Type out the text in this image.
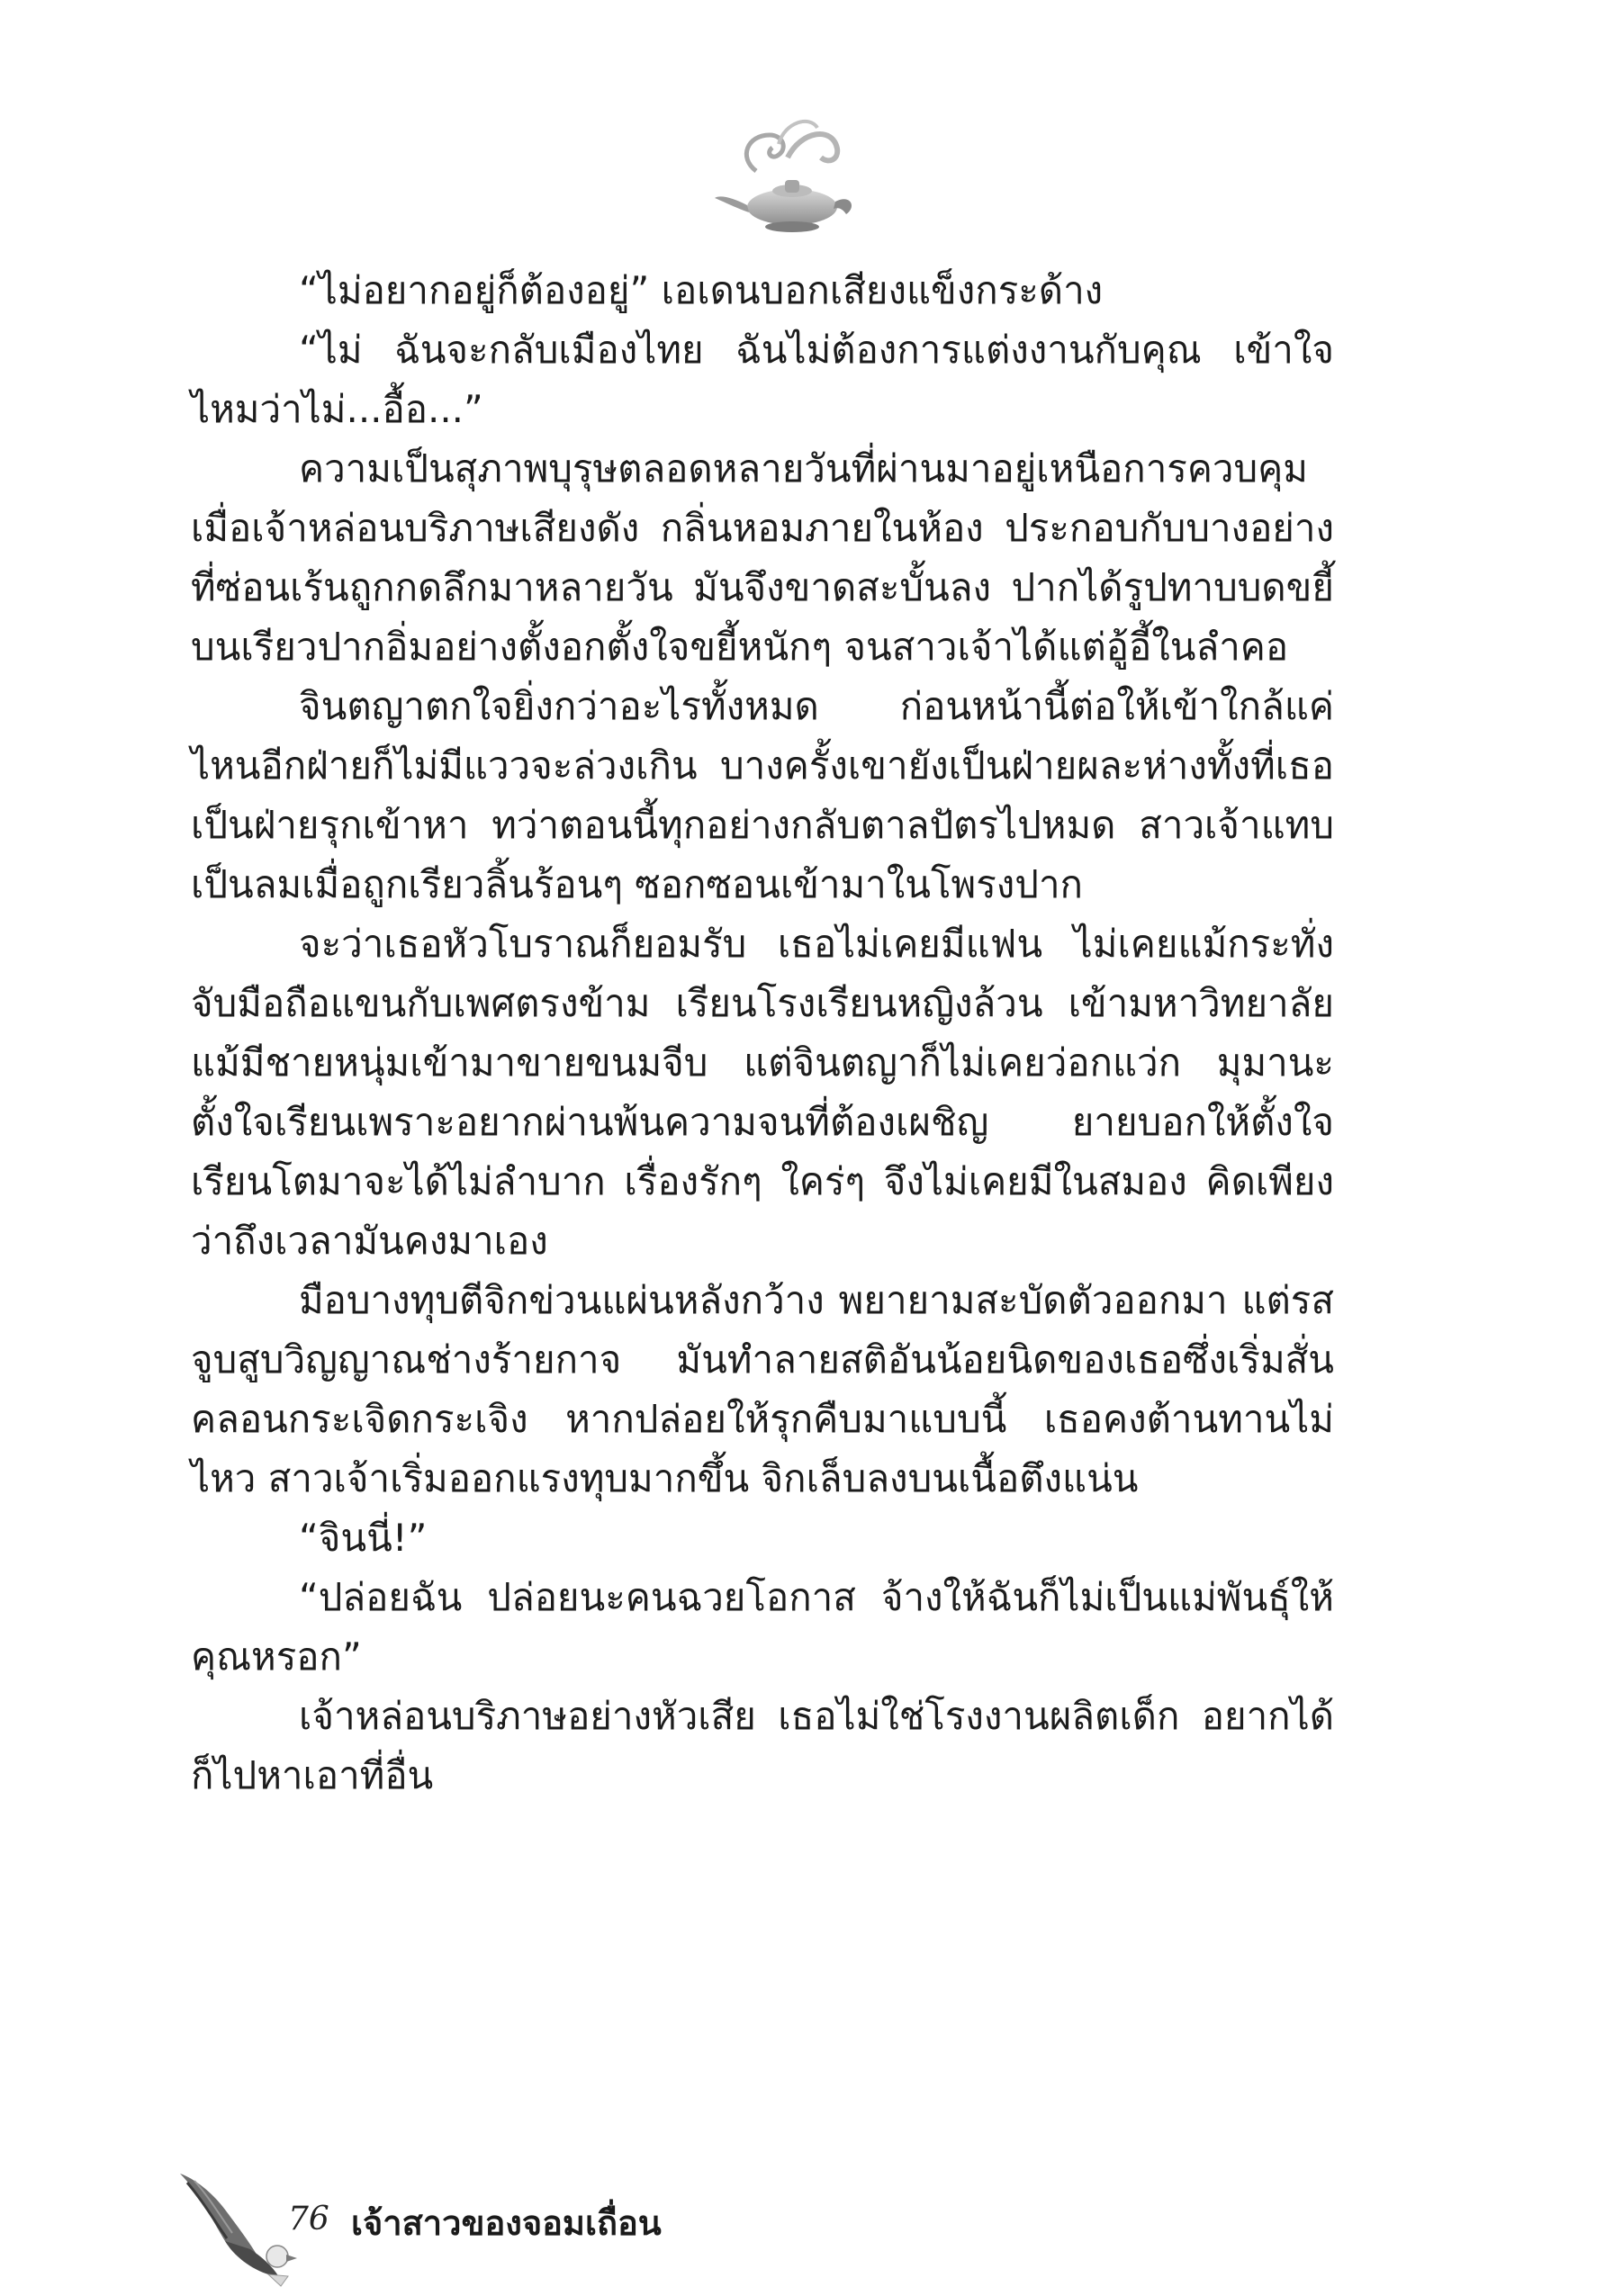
“ไม่อยากอยู่ก็ต้องอยู่” เอเดนบอกเสียงแข็งกระด้าง

“ไม่ ฉันจะกลับเมืองไทย ฉันไม่ต้องการแต่งงานกับคุณ เข้าใจไหมว่าไม่...อื้อ...”

ความเป็นสุภาพบุรุษตลอดหลายวันที่ผ่านมาอยู่เหนือการควบคุม เมื่อเจ้าหล่อนบริภาษเสียงดัง กลิ่นหอมภายในห้อง ประกอบกับบางอย่างที่ซ่อนเร้นถูกกดลึกมาหลายวัน มันจึงขาดสะบั้นลง ปากได้รูปทาบบดขยี้บนเรียวปากอิ่มอย่างตั้งอกตั้งใจขยี้หนักๆ จนสาวเจ้าได้แต่อู้อี้ในลำคอ

จินตญาตกใจยิ่งกว่าอะไรทั้งหมด ก่อนหน้านี้ต่อให้เข้าใกล้แค่ไหนอีกฝ่ายก็ไม่มีแววจะล่วงเกิน บางครั้งเขายังเป็นฝ่ายผละห่างทั้งที่เธอเป็นฝ่ายรุกเข้าหา ทว่าตอนนี้ทุกอย่างกลับตาลปัตรไปหมด สาวเจ้าแทบเป็นลมเมื่อถูกเรียวลิ้นร้อนๆ ซอกซอนเข้ามาในโพรงปาก

จะว่าเธอหัวโบราณก็ยอมรับ เธอไม่เคยมีแฟน ไม่เคยแม้กระทั่งจับมือถือแขนกับเพศตรงข้าม เรียนโรงเรียนหญิงล้วน เข้ามหาวิทยาลัยแม้มีชายหนุ่มเข้ามาขายขนมจีบ แต่จินตญาก็ไม่เคยว่อกแว่ก มุมานะตั้งใจเรียนเพราะอยากผ่านพ้นความจนที่ต้องเผชิญ ยายบอกให้ตั้งใจเรียนโตมาจะได้ไม่ลำบาก เรื่องรักๆ ใคร่ๆ จึงไม่เคยมีในสมอง คิดเพียงว่าถึงเวลามันคงมาเอง

มือบางทุบตีจิกข่วนแผ่นหลังกว้าง พยายามสะบัดตัวออกมา แต่รสจูบสูบวิญญาณช่างร้ายกาจ มันทำลายสติอันน้อยนิดของเธอซึ่งเริ่มสั่นคลอนกระเจิดกระเจิง หากปล่อยให้รุกคืบมาแบบนี้ เธอคงต้านทานไม่ไหว สาวเจ้าเริ่มออกแรงทุบมากขึ้น จิกเล็บลงบนเนื้อตึงแน่น

“จินนี่!”

“ปล่อยฉัน ปล่อยนะคนฉวยโอกาส จ้างให้ฉันก็ไม่เป็นแม่พันธุ์ให้คุณหรอก”

เจ้าหล่อนบริภาษอย่างหัวเสีย เธอไม่ใช่โรงงานผลิตเด็ก อยากได้ก็ไปหาเอาที่อื่น

76 เจ้าสาวของจอมเถื่อน
